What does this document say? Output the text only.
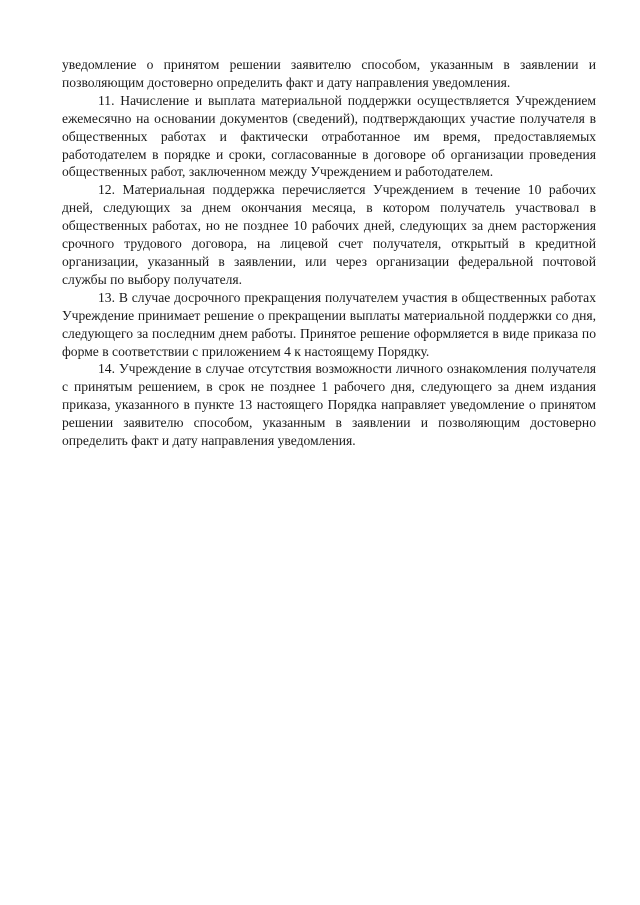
уведомление о принятом решении заявителю способом, указанным в заявлении и позволяющим достоверно определить факт и дату направления уведомления.

11. Начисление и выплата материальной поддержки осуществляется Учреждением ежемесячно на основании документов (сведений), подтверждающих участие получателя в общественных работах и фактически отработанное им время, предоставляемых работодателем в порядке и сроки, согласованные в договоре об организации проведения общественных работ, заключенном между Учреждением и работодателем.

12. Материальная поддержка перечисляется Учреждением в течение 10 рабочих дней, следующих за днем окончания месяца, в котором получатель участвовал в общественных работах, но не позднее 10 рабочих дней, следующих за днем расторжения срочного трудового договора, на лицевой счет получателя, открытый в кредитной организации, указанный в заявлении, или через организации федеральной почтовой службы по выбору получателя.

13. В случае досрочного прекращения получателем участия в общественных работах Учреждение принимает решение о прекращении выплаты материальной поддержки со дня, следующего за последним днем работы. Принятое решение оформляется в виде приказа по форме в соответствии с приложением 4 к настоящему Порядку.

14. Учреждение в случае отсутствия возможности личного ознакомления получателя с принятым решением, в срок не позднее 1 рабочего дня, следующего за днем издания приказа, указанного в пункте 13 настоящего Порядка направляет уведомление о принятом решении заявителю способом, указанным в заявлении и позволяющим достоверно определить факт и дату направления уведомления.
